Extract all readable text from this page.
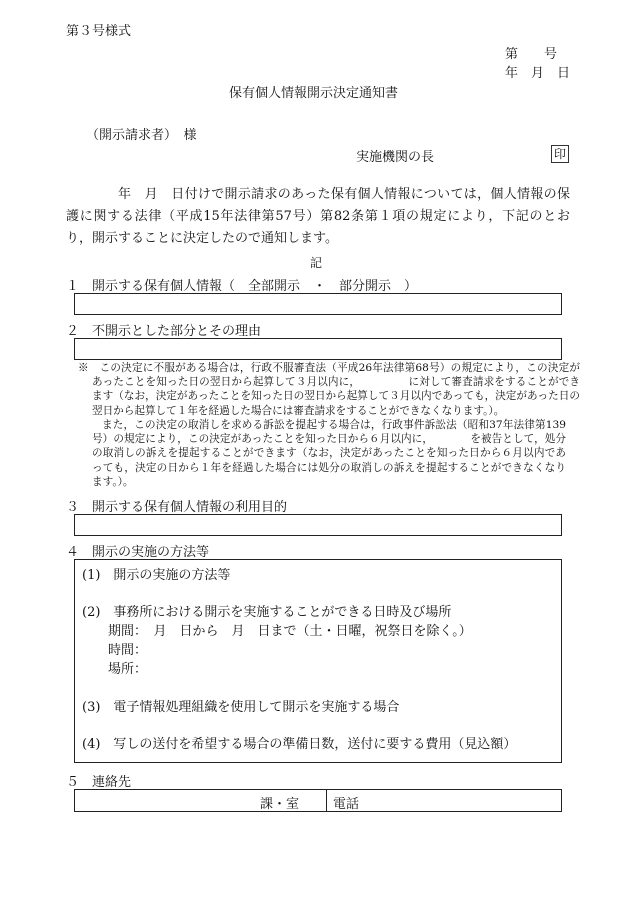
第３号様式
第　　号
年　月　日
保有個人情報開示決定通知書
（開示請求者）　様
実施機関の長	印
年　月　日付けで開示請求のあった保有個人情報については，個人情報の保護に関する法律（平成15年法律第57号）第82条第１項の規定により，下記のとおり，開示することに決定したので通知します。
記
１　開示する保有個人情報（　全部開示　・　部分開示　）
２　不開示とした部分とその理由
※　この決定に不服がある場合は，行政不服審査法（平成26年法律第68号）の規定により，この決定があったことを知った日の翌日から起算して３月以内に，　　　　　に対して審査請求をすることができます（なお，決定があったことを知った日の翌日から起算して３月以内であっても，決定があった日の翌日から起算して１年を経過した場合には審査請求をすることができなくなります。）。
また，この決定の取消しを求める訴訟を提起する場合は，行政事件訴訟法（昭和37年法律第139号）の規定により，この決定があったことを知った日から６月以内に，　　　　を被告として，処分の取消しの訴えを提起することができます（なお，決定があったことを知った日から６月以内であっても，決定の日から１年を経過した場合には処分の取消しの訴えを提起することができなくなります。）。
３　開示する保有個人情報の利用目的
４　開示の実施の方法等
(1)　開示の実施の方法等
(2)　事務所における開示を実施することができる日時及び場所
期間：　月　日から　月　日まで（土・日曜，祝祭日を除く。）
時間：
場所：
(3)　電子情報処理組織を使用して開示を実施する場合
(4)　写しの送付を希望する場合の準備日数，送付に要する費用（見込額）
５　連絡先
課・室	電話
